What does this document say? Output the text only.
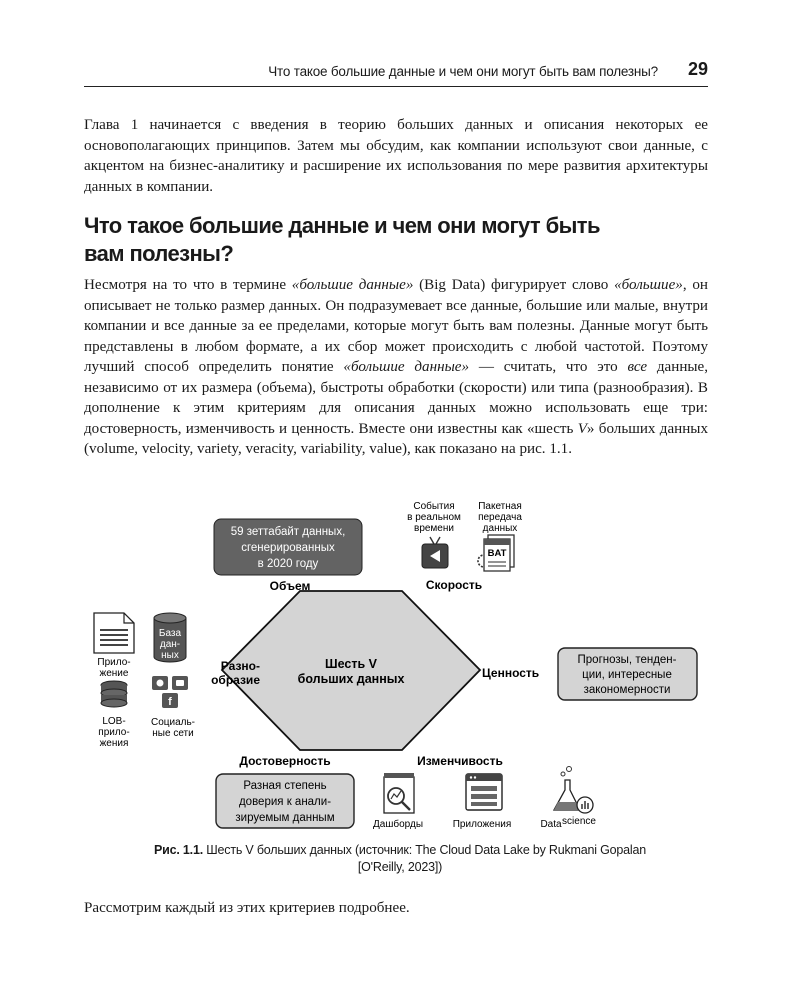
Что такое большие данные и чем они могут быть вам полезны? 29

Глава 1 начинается с введения в теорию больших данных и описания некоторых ее основополагающих принципов. Затем мы обсудим, как компании используют свои данные, с акцентом на бизнес-аналитику и расширение их использования по мере развития архитектуры данных в компании.

Что такое большие данные и чем они могут быть вам полезны?

Несмотря на то что в термине «большие данные» (Big Data) фигурирует слово «большие», он описывает не только размер данных. Он подразумевает все данные, большие или малые, внутри компании и все данные за ее пределами, которые могут быть вам полезны. Данные могут быть представлены в любом формате, а их сбор может происходить с любой частотой. Поэтому лучший способ определить понятие «большие данные» — считать, что это все данные, независимо от их размера (объема), быстроты обработки (скорости) или типа (разнообразия). В дополнение к этим критериям для описания данных можно использовать еще три: достоверность, изменчивость и ценность. Вместе они известны как «шесть V» больших данных (volume, velocity, variety, veracity, variability, value), как показано на рис. 1.1.

Шесть V
больших данных
Объем	Скорость
Разно-
образие	Ценность
Достоверность	Изменчивость
59 зеттабайт данных,
сгенерированных
в 2020 году
Прогнозы, тенден-
ции, интересные
закономерности
Разная степень
доверия к анали-
зируемым данным
События
в реальном
времени
Пакетная
передача
данных
BAT
Прило-
жение
База
дан-
ных
LOB-
прило-
жения
f
Социаль-
ные сети
Дашборды	Приложения	Data science
Рис. 1.1. Шесть V больших данных (источник: The Cloud Data Lake by Rukmani Gopalan [O'Reilly, 2023])

Рассмотрим каждый из этих критериев подробнее.
